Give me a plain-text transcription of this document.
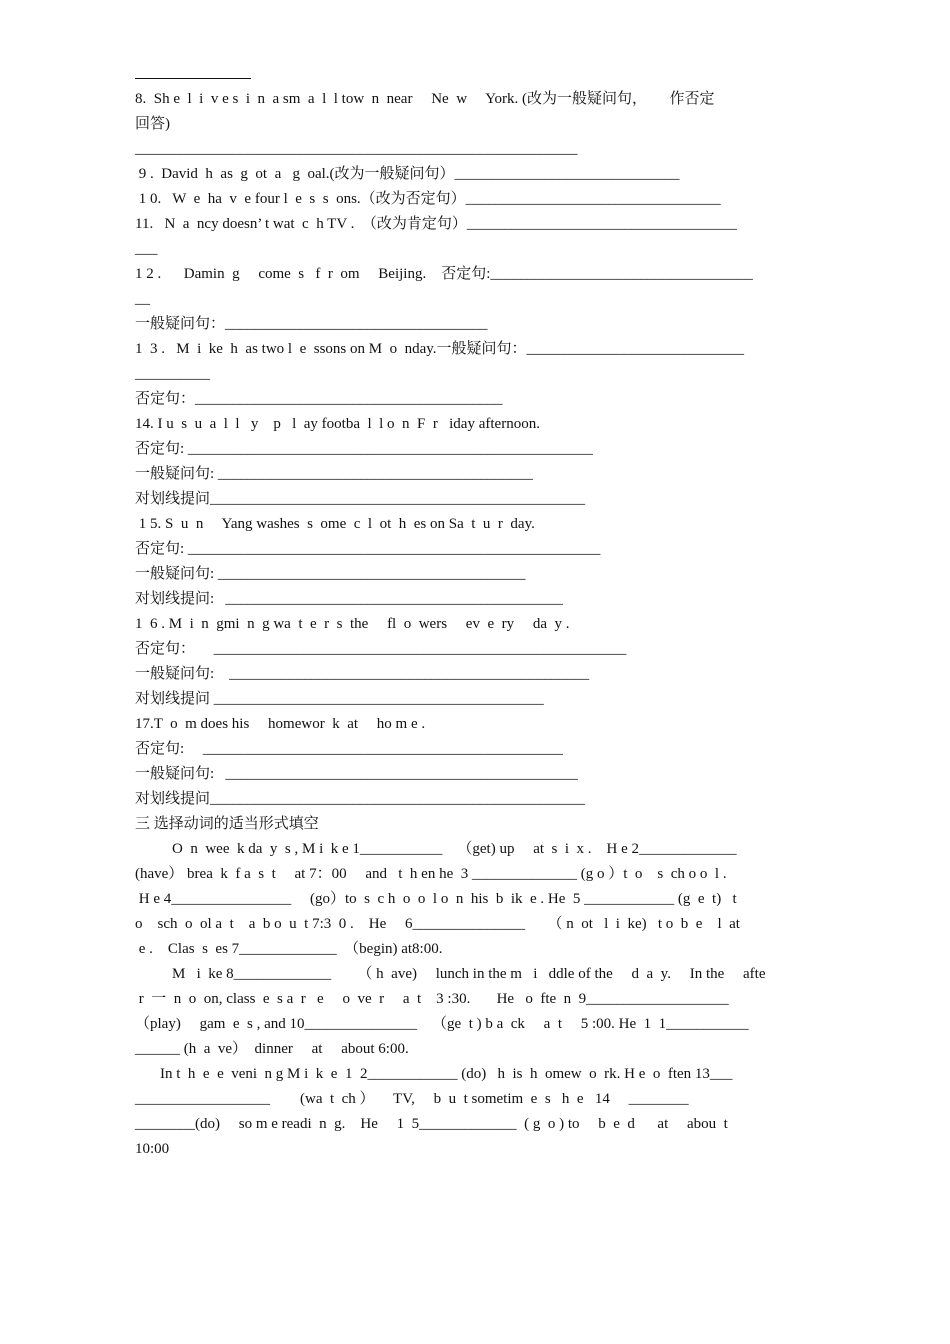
8.  Sh e  l  i  v e s  i  n  a sm  a  l  l tow  n  near     Ne  w     York. (改为一般疑问句，      作否定
回答)
___________________________________________________________
9 .  David  h  as  g  ot  a   g  oal.(改为一般疑问句）______________________________
1 0.   W  e  ha  v  e four l  e  s  s  ons.（改为否定句）__________________________________
11.   N  a  ncy doesn’ t wat  c  h TV .  （改为肯定句）____________________________________
___
1 2 .      Damin  g     come  s   f  r  om     Beijing.    否定句:___________________________________
__
一般疑问句：___________________________________
1  3 .   M  i  ke  h  as two l  e  ssons on M  o  nday.一般疑问句：_____________________________
__________
否定句：_________________________________________
14. I u  s  u  a  l  l   y    p   l  ay footba  l  l o  n  F  r   iday afternoon.
否定句: ______________________________________________________
一般疑问句: __________________________________________
对划线提问__________________________________________________
1 5. S  u  n     Yang washes  s  ome  c  l  ot  h  es on Sa  t  u  r  day.
否定句: _______________________________________________________
一般疑问句: _________________________________________
对划线提问:   _____________________________________________
1  6 . M  i  n  gmi  n  g wa  t  e  r  s  the     fl  o  wers     ev  e  ry     da  y .
否定句：     _______________________________________________________
一般疑问句:    ________________________________________________
对划线提问 ____________________________________________
17.T  o  m does his     homewor  k  at     ho m e .
否定句:     ________________________________________________
一般疑问句:   _______________________________________________
对划线提问__________________________________________________
三 选择动词的适当形式填空
O  n  wee  k da  y  s , M i  k e 1___________    （get) up     at  s  i  x .    H e 2_____________
(have） brea  k  f a  s  t     at 7：00     and   t  h en he  3 ______________ (g o ）t  o    s  ch o o  l .
H e 4________________     (go）to  s  c h  o  o  l o  n  his  b  ik  e . He  5 ____________ (g  e  t)   t
o    sch  o  ol a  t    a  b o  u  t 7:3  0 .    He     6_______________      （ n  ot   l  i  ke)   t o  b  e    l  at
e .    Clas  s  es 7_____________  （begin) at8:00.
M   i  ke 8_____________       （ h  ave)     lunch in the m   i   ddle of the     d  a  y.     In the     afte
r  一  n  o  on, class  e  s a  r   e     o  ve  r     a  t    3 :30.       He   o  fte  n  9___________________
（play)     gam  e  s , and 10_______________    （ge  t ) b a  ck     a  t     5 :00. He  1  1___________
______ (h  a  ve）  dinner     at     about 6:00.
In t  h  e  e  veni  n g M i  k  e  1  2____________ (do)   h  is  h  omew  o  rk. H e  o  ften 13___
__________________        (wa  t  ch ）     TV,     b  u  t sometim  e  s   h  e   14     ________
________(do)     so m e readi  n  g.    He     1  5_____________  ( g  o ) to     b  e  d      at     abou  t
10:00
